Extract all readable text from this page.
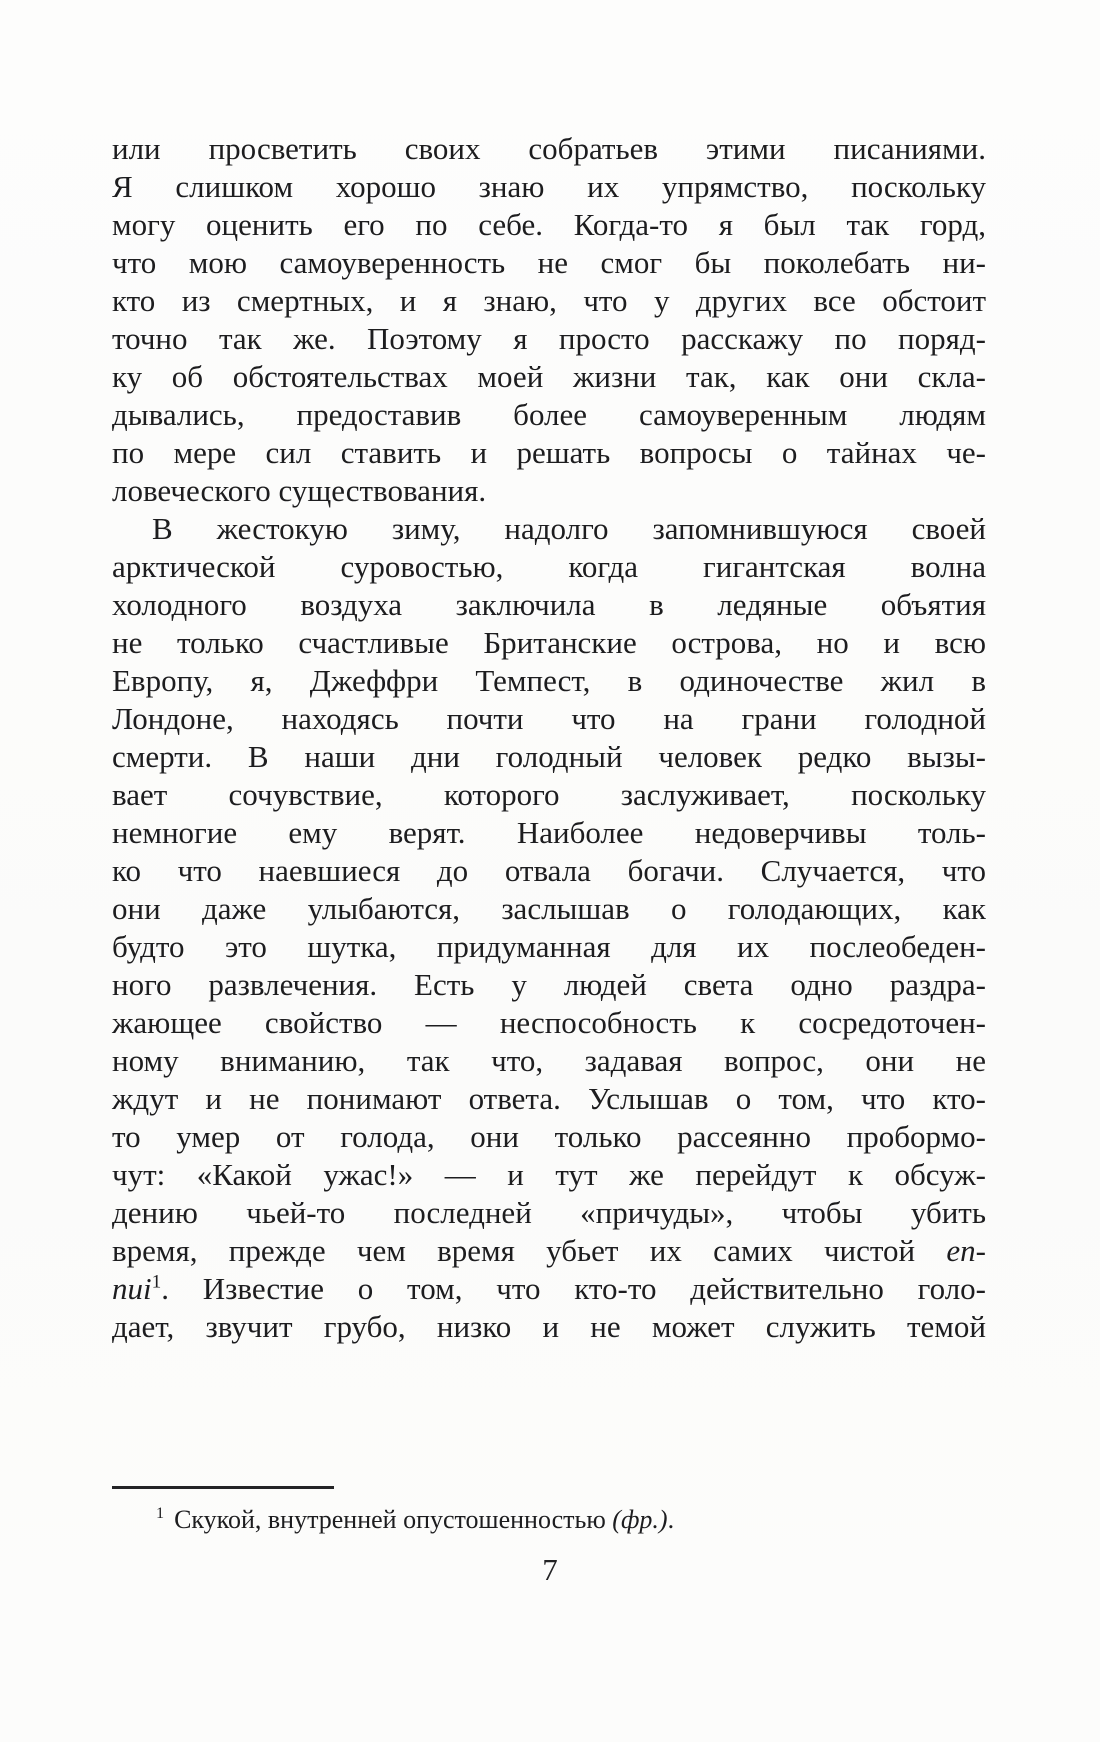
или просветить своих собратьев этими писаниями.
Я слишком хорошо знаю их упрямство, поскольку
могу оценить его по себе. Когда-то я был так горд,
что мою самоуверенность не смог бы поколебать ни-
кто из смертных, и я знаю, что у других все обстоит
точно так же. Поэтому я просто расскажу по поряд-
ку об обстоятельствах моей жизни так, как они скла-
дывались, предоставив более самоуверенным людям
по мере сил ставить и решать вопросы о тайнах че-
ловеческого существования.
В жестокую зиму, надолго запомнившуюся своей
арктической суровостью, когда гигантская волна
холодного воздуха заключила в ледяные объятия
не только счастливые Британские острова, но и всю
Европу, я, Джеффри Темпест, в одиночестве жил в
Лондоне, находясь почти что на грани голодной
смерти. В наши дни голодный человек редко вызы-
вает сочувствие, которого заслуживает, поскольку
немногие ему верят. Наиболее недоверчивы толь-
ко что наевшиеся до отвала богачи. Случается, что
они даже улыбаются, заслышав о голодающих, как
будто это шутка, придуманная для их послеобеден-
ного развлечения. Есть у людей света одно раздра-
жающее свойство — неспособность к сосредоточен-
ному вниманию, так что, задавая вопрос, они не
ждут и не понимают ответа. Услышав о том, что кто-
то умер от голода, они только рассеянно пробормо-
чут: «Какой ужас!» — и тут же перейдут к обсуж-
дению чьей-то последней «причуды», чтобы убить
время, прежде чем время убьет их самих чистой en-
nui$^1$. Известие о том, что кто-то действительно голо-
дает, звучит грубо, низко и не может служить темой
$^1$ Скукой, внутренней опустошенностью (фр.).
7
